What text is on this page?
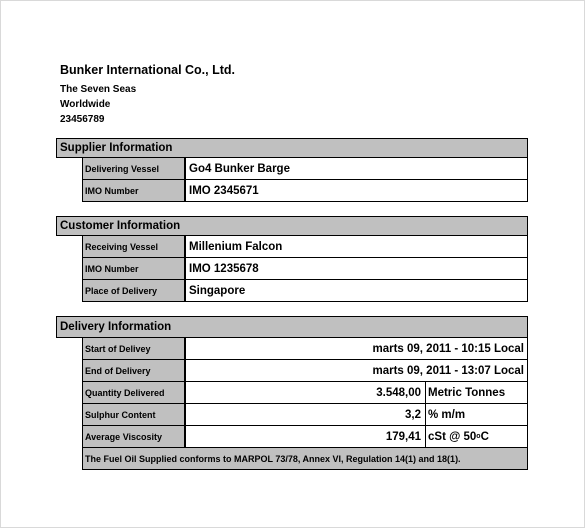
Bunker International Co., Ltd.
The Seven Seas
Worldwide
23456789
Supplier Information
Delivering Vessel	Go4 Bunker Barge
IMO Number	IMO 2345671
Customer Information
Receiving Vessel	Millenium Falcon
IMO Number	IMO 1235678
Place of Delivery	Singapore
Delivery Information
Start of Delivey	marts 09, 2011 - 10:15 Local
End of Delivery	marts 09, 2011 - 13:07 Local
Quantity Delivered	3.548,00 Metric Tonnes
Sulphur Content	3,2 % m/m
Average Viscosity	179,41 cSt @ 50 o C
The Fuel Oil Supplied conforms to MARPOL 73/78, Annex VI, Regulation 14(1) and 18(1).
